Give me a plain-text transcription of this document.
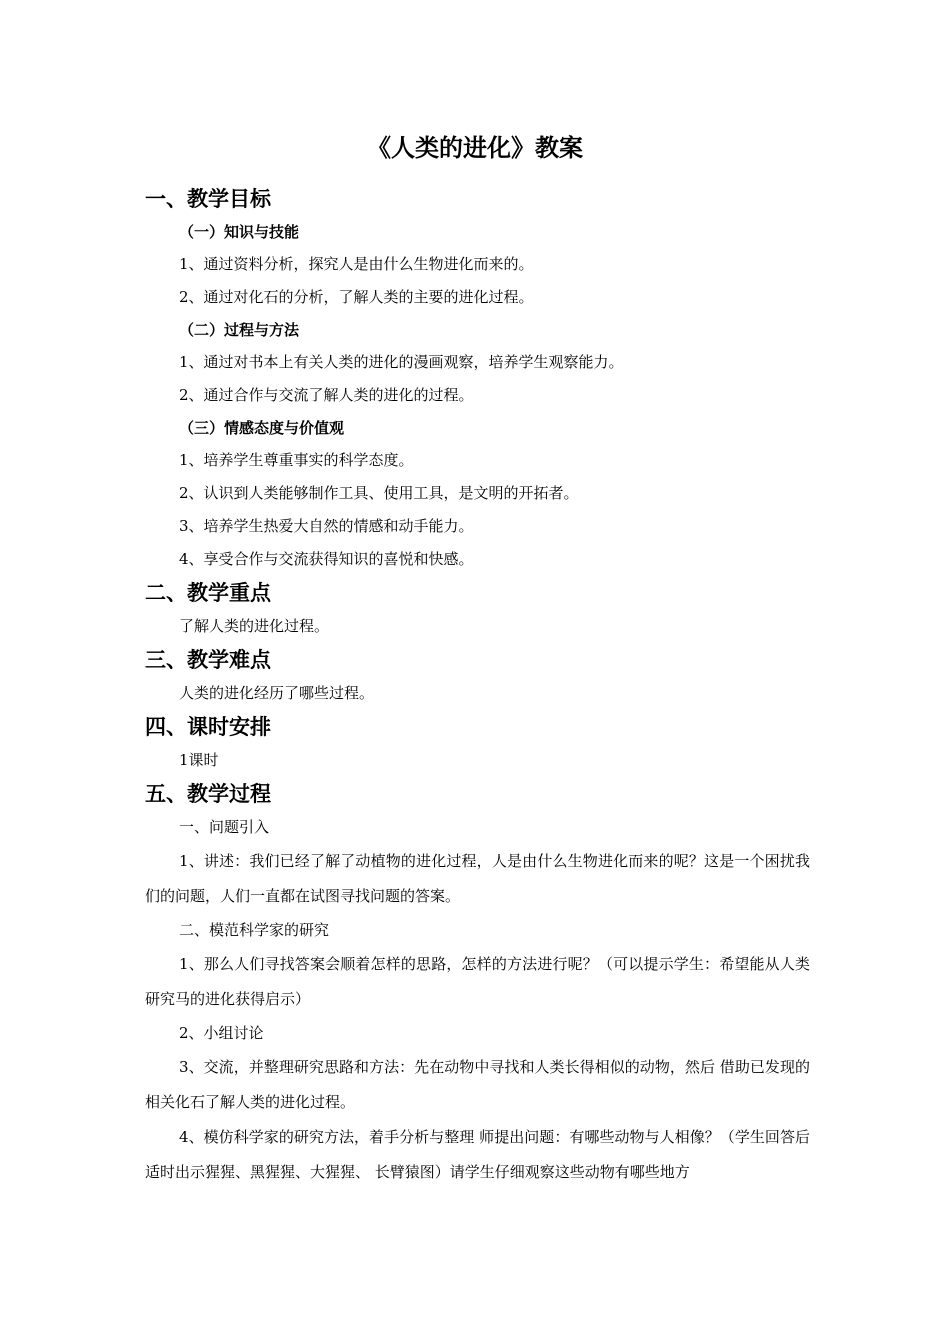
《人类的进化》教案
一、教学目标
（一）知识与技能
1、通过资料分析，探究人是由什么生物进化而来的。
2、通过对化石的分析，了解人类的主要的进化过程。
（二）过程与方法
1、通过对书本上有关人类的进化的漫画观察，培养学生观察能力。
2、通过合作与交流了解人类的进化的过程。
（三）情感态度与价值观
1、培养学生尊重事实的科学态度。
2、认识到人类能够制作工具、使用工具，是文明的开拓者。
3、培养学生热爱大自然的情感和动手能力。
4、享受合作与交流获得知识的喜悦和快感。
二、教学重点
了解人类的进化过程。
三、教学难点
人类的进化经历了哪些过程。
四、课时安排
1课时
五、教学过程
一、问题引入
1、讲述：我们已经了解了动植物的进化过程，人是由什么生物进化而来的呢？这是一个困扰我们的问题，人们一直都在试图寻找问题的答案。
二、模范科学家的研究
1、那么人们寻找答案会顺着怎样的思路，怎样的方法进行呢？（可以提示学生：希望能从人类研究马的进化获得启示）
2、小组讨论
3、交流，并整理研究思路和方法：先在动物中寻找和人类长得相似的动物，然后 借助已发现的相关化石了解人类的进化过程。
4、模仿科学家的研究方法，着手分析与整理 师提出问题：有哪些动物与人相像？（学生回答后适时出示猩猩、黑猩猩、大猩猩、 长臂猿图）请学生仔细观察这些动物有哪些地方
